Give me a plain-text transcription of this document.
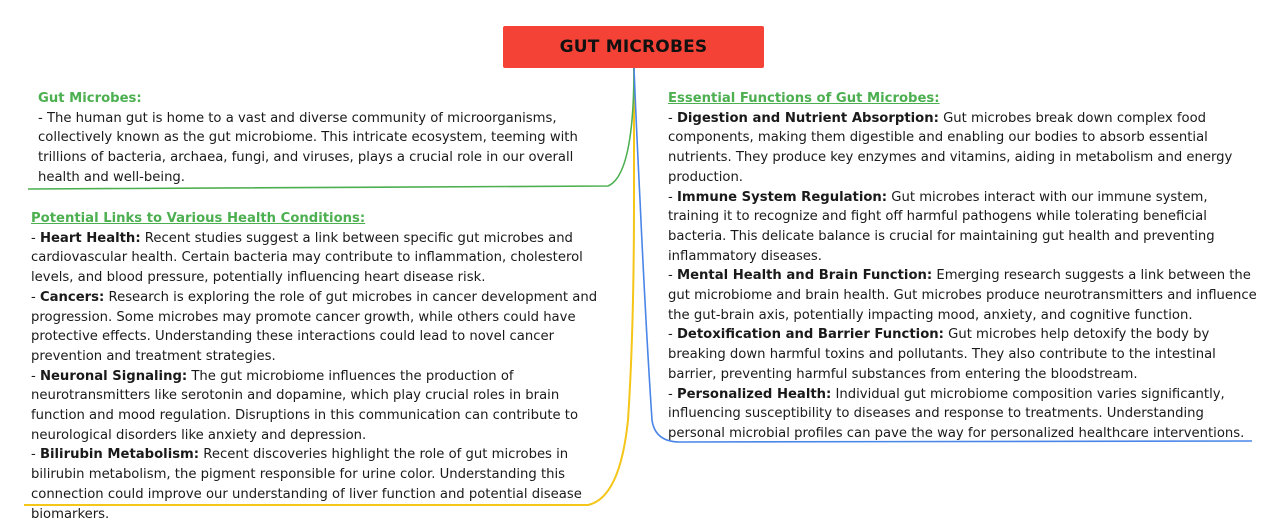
GUT MICROBES
Gut Microbes:
- The human gut is home to a vast and diverse community of microorganisms, collectively known as the gut microbiome. This intricate ecosystem, teeming with trillions of bacteria, archaea, fungi, and viruses, plays a crucial role in our overall health and well-being.
Potential Links to Various Health Conditions:
- Heart Health: Recent studies suggest a link between specific gut microbes and cardiovascular health. Certain bacteria may contribute to inflammation, cholesterol levels, and blood pressure, potentially influencing heart disease risk.
- Cancers: Research is exploring the role of gut microbes in cancer development and progression. Some microbes may promote cancer growth, while others could have protective effects. Understanding these interactions could lead to novel cancer prevention and treatment strategies.
- Neuronal Signaling: The gut microbiome influences the production of neurotransmitters like serotonin and dopamine, which play crucial roles in brain function and mood regulation. Disruptions in this communication can contribute to neurological disorders like anxiety and depression.
- Bilirubin Metabolism: Recent discoveries highlight the role of gut microbes in bilirubin metabolism, the pigment responsible for urine color. Understanding this connection could improve our understanding of liver function and potential disease biomarkers.
Essential Functions of Gut Microbes:
- Digestion and Nutrient Absorption: Gut microbes break down complex food components, making them digestible and enabling our bodies to absorb essential nutrients. They produce key enzymes and vitamins, aiding in metabolism and energy production.
- Immune System Regulation: Gut microbes interact with our immune system, training it to recognize and fight off harmful pathogens while tolerating beneficial bacteria. This delicate balance is crucial for maintaining gut health and preventing inflammatory diseases.
- Mental Health and Brain Function: Emerging research suggests a link between the gut microbiome and brain health. Gut microbes produce neurotransmitters and influence the gut-brain axis, potentially impacting mood, anxiety, and cognitive function.
- Detoxification and Barrier Function: Gut microbes help detoxify the body by breaking down harmful toxins and pollutants. They also contribute to the intestinal barrier, preventing harmful substances from entering the bloodstream.
- Personalized Health: Individual gut microbiome composition varies significantly, influencing susceptibility to diseases and response to treatments. Understanding personal microbial profiles can pave the way for personalized healthcare interventions.
